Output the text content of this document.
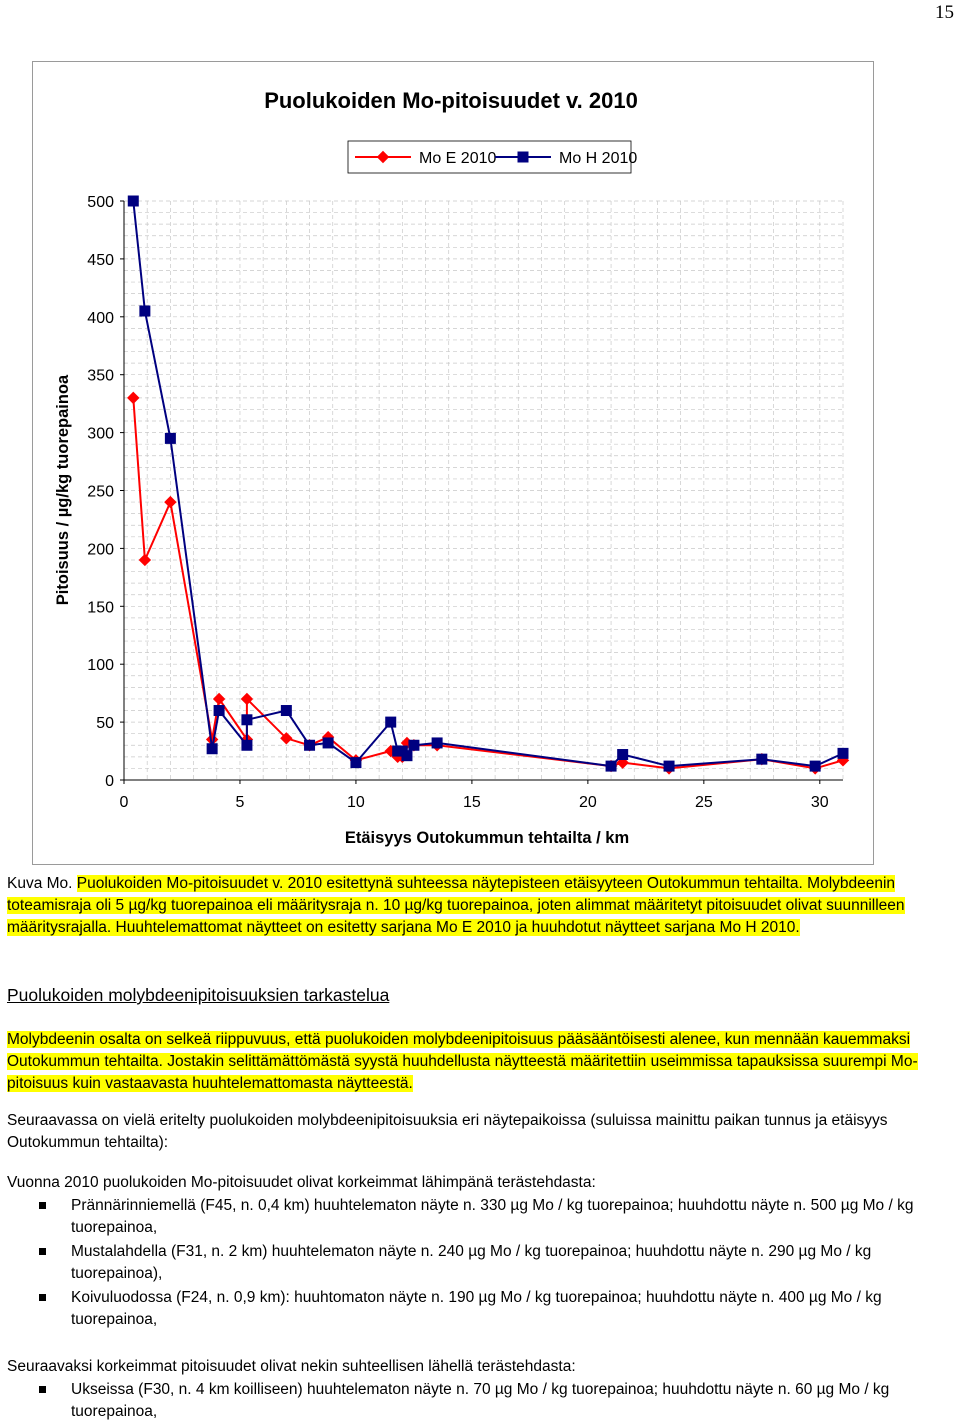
15
0
50
100
150
200
250
300
350
400
450
500
0	5	10	15	20	25	30
Puolukoiden Mo-pitoisuudet v. 2010
Etäisyys Outokummun tehtailta / km
Pitoisuus / µg/kg tuorepainoa
Mo E 2010	Mo H 2010
Kuva Mo. Puolukoiden Mo-pitoisuudet v. 2010 esitettynä suhteessa näytepisteen etäisyyteen Outokummun tehtailta. Molybdeenin toteamisraja oli 5 µg/kg tuorepainoa eli määritysraja n. 10 µg/kg tuorepainoa, joten alimmat määritetyt pitoisuudet olivat suunnilleen määritysrajalla. Huuhtelemattomat näytteet on esitetty sarjana Mo E 2010 ja huuhdotut näytteet sarjana Mo H 2010.
Puolukoiden molybdeenipitoisuuksien tarkastelua
Molybdeenin osalta on selkeä riippuvuus, että puolukoiden molybdeenipitoisuus pääsääntöisesti alenee, kun mennään kauemmaksi Outokummun tehtailta. Jostakin selittämättömästä syystä huuhdellusta näytteestä määritettiin useimmissa tapauksissa suurempi Mo-pitoisuus kuin vastaavasta huuhtelemattomasta näytteestä.
Seuraavassa on vielä eritelty puolukoiden molybdeenipitoisuuksia eri näytepaikoissa (suluissa mainittu paikan tunnus ja etäisyys Outokummun tehtailta):
Vuonna 2010 puolukoiden Mo-pitoisuudet olivat korkeimmat lähimpänä terästehdasta:
Prännärinniemellä (F45, n. 0,4 km) huuhtelematon näyte n. 330 µg Mo / kg tuorepainoa; huuhdottu näyte n. 500 µg Mo / kg tuorepainoa,
Mustalahdella (F31, n. 2 km) huuhtelematon näyte n. 240 µg Mo / kg tuorepainoa; huuhdottu näyte n. 290 µg Mo / kg tuorepainoa),
Koivuluodossa (F24, n. 0,9 km): huuhtomaton näyte n. 190 µg Mo / kg tuorepainoa; huuhdottu näyte n. 400 µg Mo / kg tuorepainoa,
Seuraavaksi korkeimmat pitoisuudet olivat nekin suhteellisen lähellä terästehdasta:
Ukseissa (F30, n. 4 km koilliseen) huuhtelematon näyte n. 70 µg Mo / kg tuorepainoa; huuhdottu näyte n. 60 µg Mo / kg tuorepainoa,
